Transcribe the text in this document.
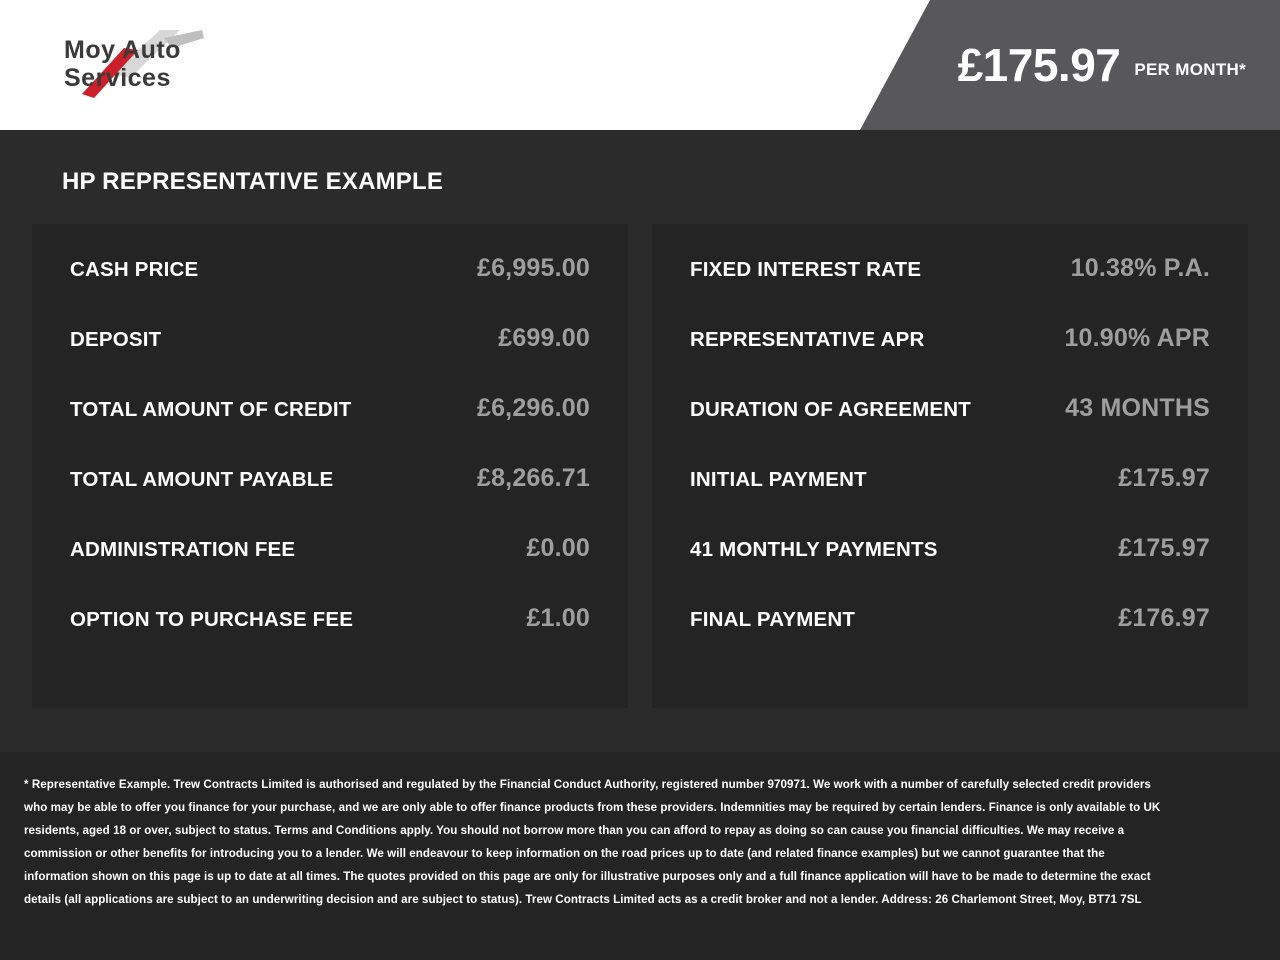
Moy Auto
Services	£175.97 PER MONTH*
HP REPRESENTATIVE EXAMPLE
CASH PRICE	£6,995.00
DEPOSIT	£699.00
TOTAL AMOUNT OF CREDIT	£6,296.00
TOTAL AMOUNT PAYABLE	£8,266.71
ADMINISTRATION FEE	£0.00
OPTION TO PURCHASE FEE	£1.00
FIXED INTEREST RATE	10.38% P.A.
REPRESENTATIVE APR	10.90% APR
DURATION OF AGREEMENT	43 MONTHS
INITIAL PAYMENT	£175.97
41 MONTHLY PAYMENTS	£175.97
FINAL PAYMENT	£176.97

* Representative Example. Trew Contracts Limited is authorised and regulated by the Financial Conduct Authority, registered number 970971. We work with a number of carefully selected credit providers who may be able to offer you finance for your purchase, and we are only able to offer finance products from these providers. Indemnities may be required by certain lenders. Finance is only available to UK residents, aged 18 or over, subject to status. Terms and Conditions apply. You should not borrow more than you can afford to repay as doing so can cause you financial difficulties. We may receive a commission or other benefits for introducing you to a lender. We will endeavour to keep information on the road prices up to date (and related finance examples) but we cannot guarantee that the information shown on this page is up to date at all times. The quotes provided on this page are only for illustrative purposes only and a full finance application will have to be made to determine the exact details (all applications are subject to an underwriting decision and are subject to status). Trew Contracts Limited acts as a credit broker and not a lender. Address: 26 Charlemont Street, Moy, BT71 7SL
